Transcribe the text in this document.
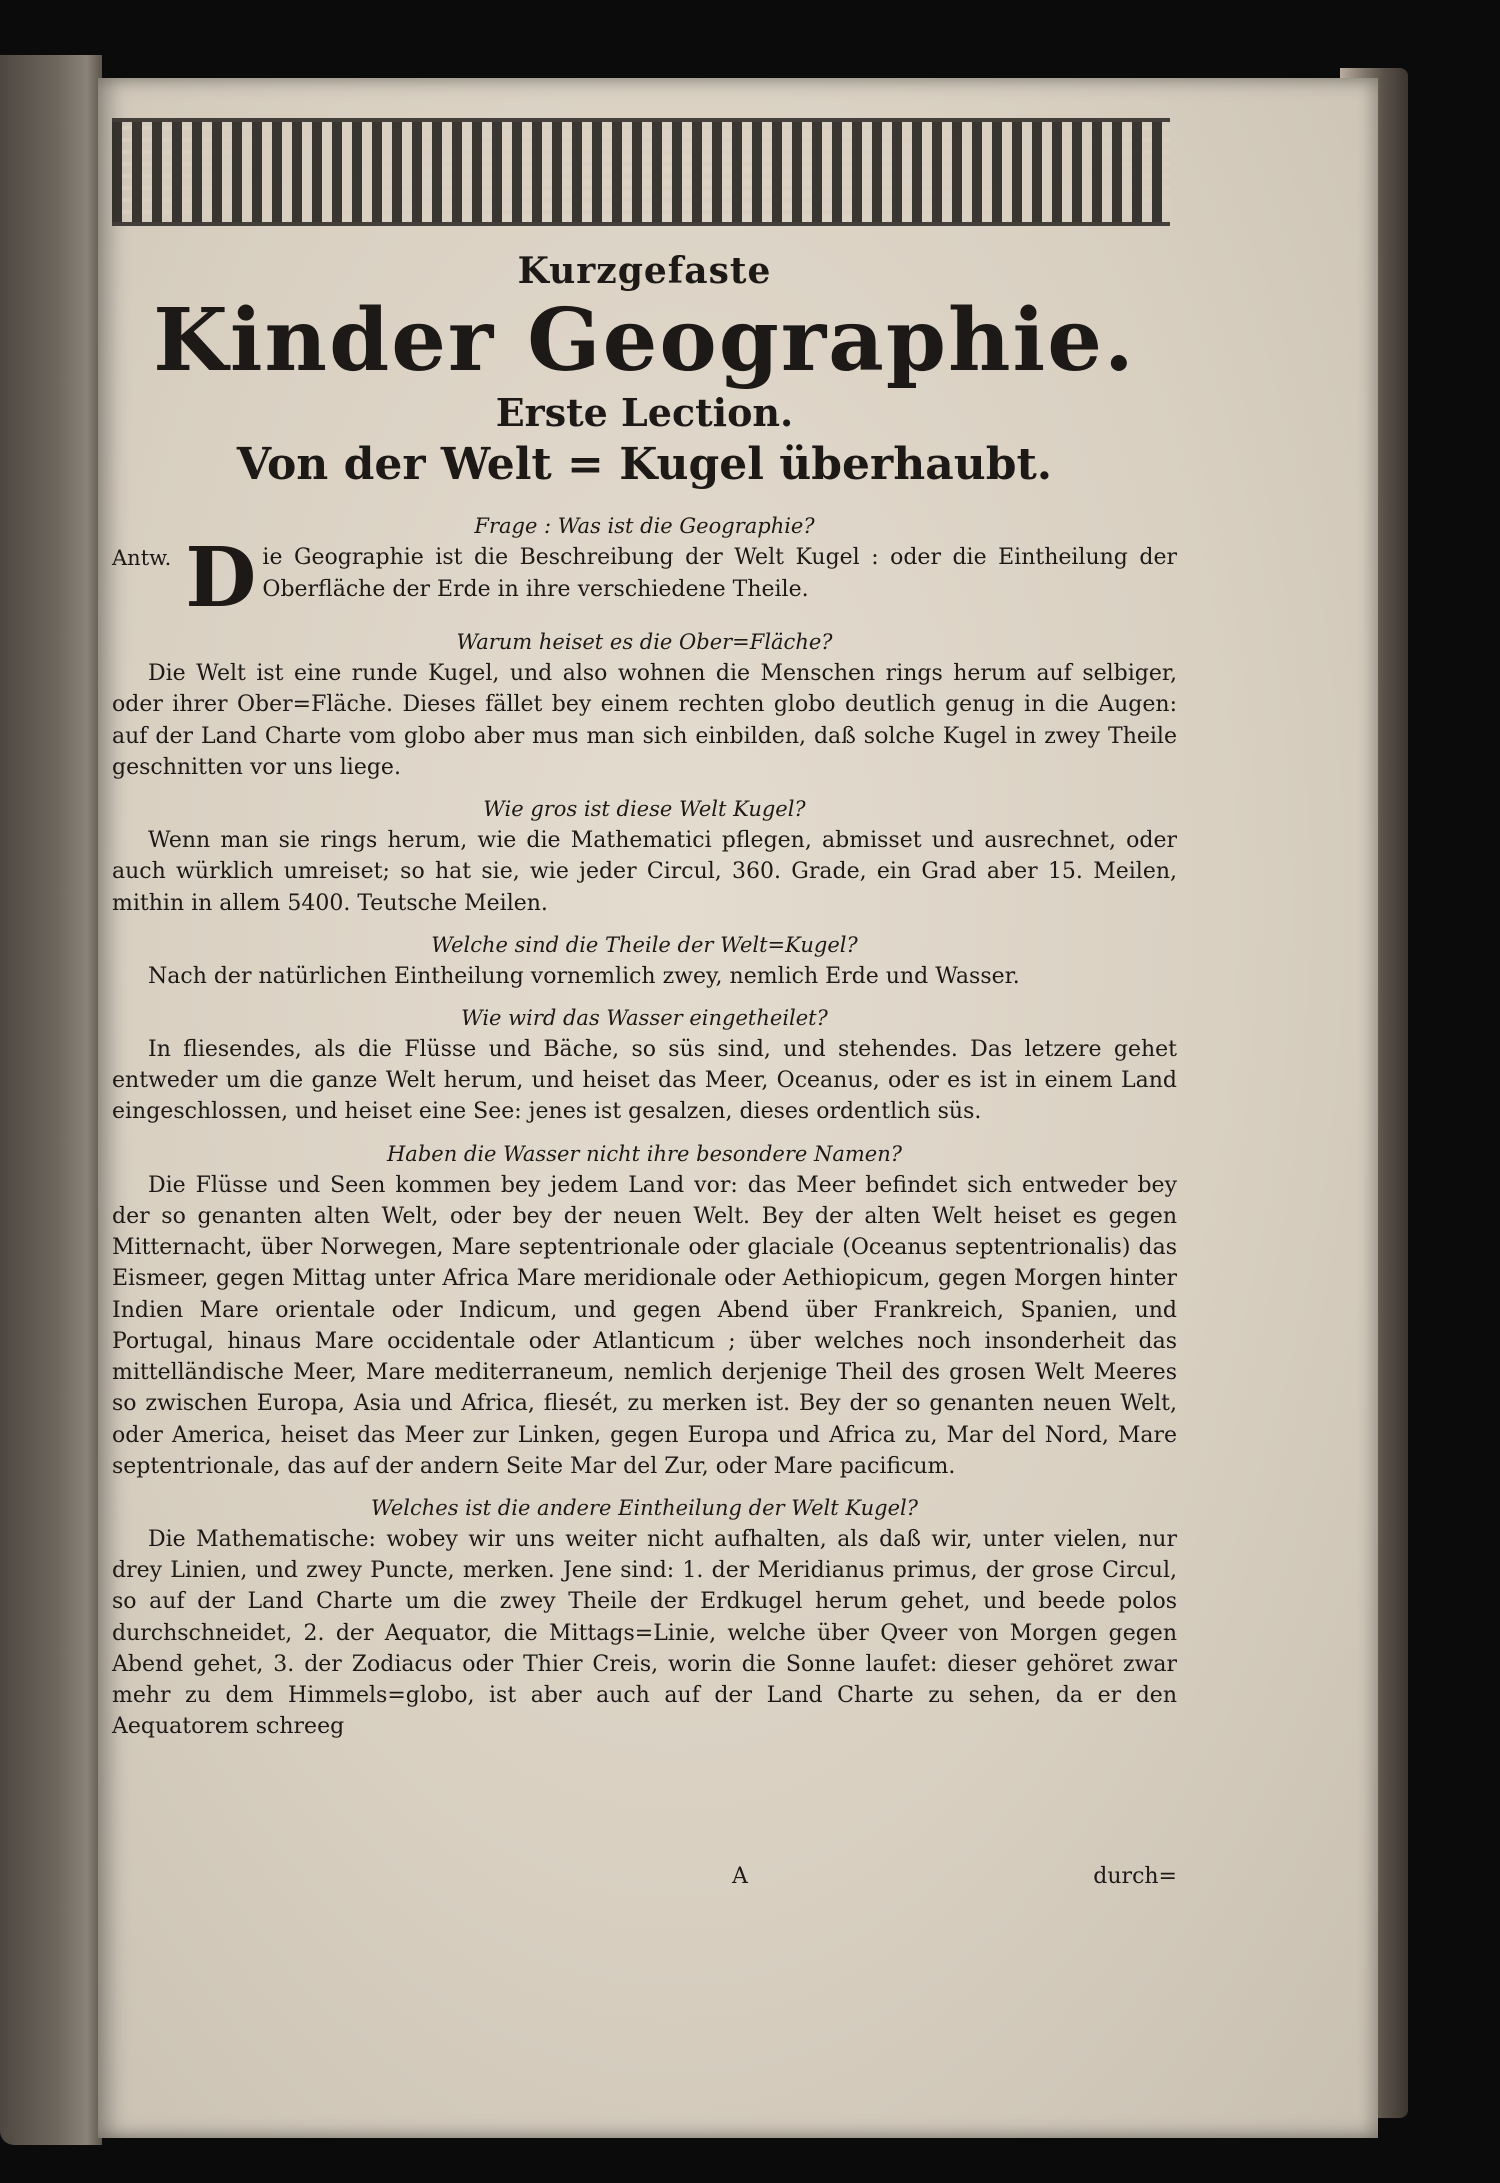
Kurzgefaste

Kinder Geographie.

Erste Lection.

Von der Welt = Kugel überhaubt.

Frage : Was ist die Geographie?

Antw. D ie Geographie ist die Beschreibung der Welt Kugel : oder die Eintheilung der Oberfläche der Erde in ihre verschiedene Theile.

Warum heiset es die Ober=Fläche?

Die Welt ist eine runde Kugel, und also wohnen die Menschen rings herum auf selbiger, oder ihrer Ober=Fläche. Dieses fället bey einem rechten globo deutlich genug in die Augen: auf der Land Charte vom globo aber mus man sich einbilden, daß solche Kugel in zwey Theile geschnitten vor uns liege.

Wie gros ist diese Welt Kugel?

Wenn man sie rings herum, wie die Mathematici pflegen, abmisset und ausrechnet, oder auch würklich umreiset; so hat sie, wie jeder Circul, 360. Grade, ein Grad aber 15. Meilen, mithin in allem 5400. Teutsche Meilen.

Welche sind die Theile der Welt=Kugel?

Nach der natürlichen Eintheilung vornemlich zwey, nemlich Erde und Wasser.

Wie wird das Wasser eingetheilet?

In fliesendes, als die Flüsse und Bäche, so süs sind, und stehendes. Das letzere gehet entweder um die ganze Welt herum, und heiset das Meer, Oceanus, oder es ist in einem Land eingeschlossen, und heiset eine See: jenes ist gesalzen, dieses ordentlich süs.

Haben die Wasser nicht ihre besondere Namen?

Die Flüsse und Seen kommen bey jedem Land vor: das Meer befindet sich entweder bey der so genanten alten Welt, oder bey der neuen Welt. Bey der alten Welt heiset es gegen Mitternacht, über Norwegen, Mare septentrionale oder glaciale (Oceanus septentrionalis) das Eismeer, gegen Mittag unter Africa Mare meridionale oder Aethiopicum, gegen Morgen hinter Indien Mare orientale oder Indicum, und gegen Abend über Frankreich, Spanien, und Portugal, hinaus Mare occidentale oder Atlanticum ; über welches noch insonderheit das mittelländische Meer, Mare mediterraneum, nemlich derjenige Theil des grosen Welt Meeres so zwischen Europa, Asia und Africa, fliesét, zu merken ist. Bey der so genanten neuen Welt, oder America, heiset das Meer zur Linken, gegen Europa und Africa zu, Mar del Nord, Mare septentrionale, das auf der andern Seite Mar del Zur, oder Mare pacificum.

Welches ist die andere Eintheilung der Welt Kugel?

Die Mathematische: wobey wir uns weiter nicht aufhalten, als daß wir, unter vielen, nur drey Linien, und zwey Puncte, merken. Jene sind: 1. der Meridianus primus, der grose Circul, so auf der Land Charte um die zwey Theile der Erdkugel herum gehet, und beede polos durchschneidet, 2. der Aequator, die Mittags=Linie, welche über Qveer von Morgen gegen Abend gehet, 3. der Zodiacus oder Thier Creis, worin die Sonne laufet: dieser gehöret zwar mehr zu dem Himmels=globo, ist aber auch auf der Land Charte zu sehen, da er den Aequatorem schreeg

A	durch=
